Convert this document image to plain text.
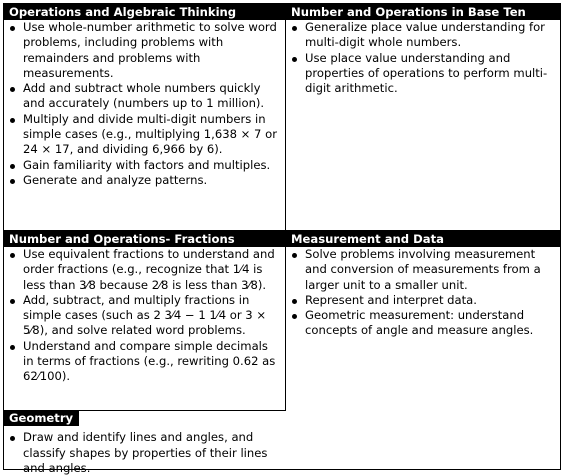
Operations and Algebraic Thinking
Use whole-number arithmetic to solve word problems, including problems with remainders and problems with measurements.
Add and subtract whole numbers quickly and accurately (numbers up to 1 million).
Multiply and divide multi-digit numbers in simple cases (e.g., multiplying 1,638 × 7 or 24 × 17, and dividing 6,966 by 6).
Gain familiarity with factors and multiples.
Generate and analyze patterns.
Number and Operations in Base Ten
Generalize place value understanding for multi-digit whole numbers.
Use place value understanding and properties of operations to perform multi-digit arithmetic.
Number and Operations- Fractions
Use equivalent fractions to understand and order fractions (e.g., recognize that 1⁄4 is less than 3⁄8 because 2⁄8 is less than 3⁄8).
Add, subtract, and multiply fractions in simple cases (such as 2 3⁄4 − 1 1⁄4 or 3 × 5⁄8), and solve related word problems.
Understand and compare simple decimals in terms of fractions (e.g., rewriting 0.62 as 62⁄100).
Measurement and Data
Solve problems involving measurement and conversion of measurements from a larger unit to a smaller unit.
Represent and interpret data.
Geometric measurement: understand concepts of angle and measure angles.
Geometry
Draw and identify lines and angles, and classify shapes by properties of their lines and angles.
